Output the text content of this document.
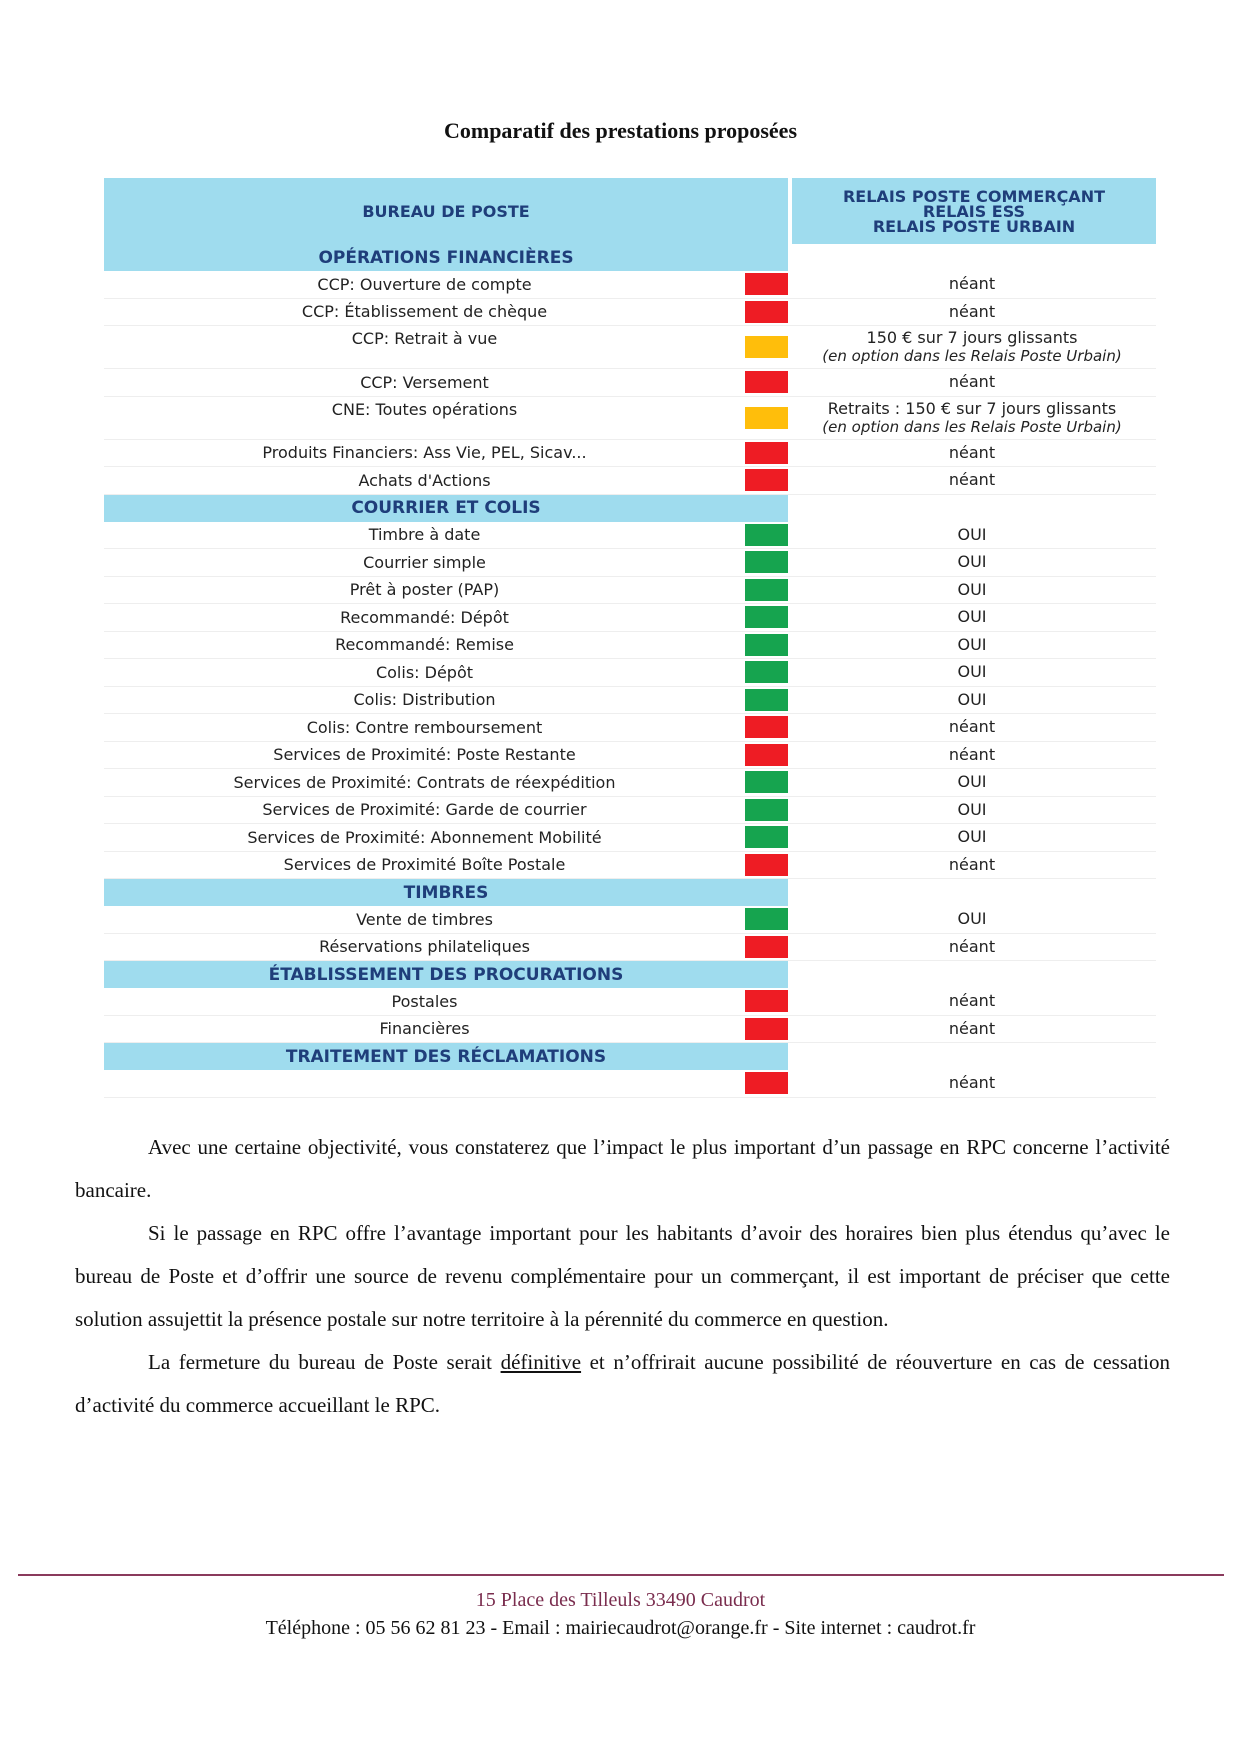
Comparatif des prestations proposées
BUREAU DE POSTE
RELAIS POSTE COMMERÇANT
RELAIS ESS
RELAIS POSTE URBAIN
OPÉRATIONS FINANCIÈRES
CCP: Ouverture de compte	néant
CCP: Établissement de chèque	néant
CCP: Retrait à vue	150 € sur 7 jours glissants
(en option dans les Relais Poste Urbain)
CCP: Versement	néant
CNE: Toutes opérations	Retraits : 150 € sur 7 jours glissants
(en option dans les Relais Poste Urbain)
Produits Financiers: Ass Vie, PEL, Sicav...	néant
Achats d'Actions	néant
COURRIER ET COLIS
Timbre à date	OUI
Courrier simple	OUI
Prêt à poster (PAP)	OUI
Recommandé: Dépôt	OUI
Recommandé: Remise	OUI
Colis: Dépôt	OUI
Colis: Distribution	OUI
Colis: Contre remboursement	néant
Services de Proximité: Poste Restante	néant
Services de Proximité: Contrats de réexpédition	OUI
Services de Proximité: Garde de courrier	OUI
Services de Proximité: Abonnement Mobilité	OUI
Services de Proximité Boîte Postale	néant
TIMBRES
Vente de timbres	OUI
Réservations philateliques	néant
ÉTABLISSEMENT DES PROCURATIONS
Postales	néant
Financières	néant
TRAITEMENT DES RÉCLAMATIONS
néant

Avec une certaine objectivité, vous constaterez que l’impact le plus important d’un passage en RPC concerne l’activité bancaire.

Si le passage en RPC offre l’avantage important pour les habitants d’avoir des horaires bien plus étendus qu’avec le bureau de Poste et d’offrir une source de revenu complémentaire pour un commerçant, il est important de préciser que cette solution assujettit la présence postale sur notre territoire à la pérennité du commerce en question.

La fermeture du bureau de Poste serait définitive et n’offrirait aucune possibilité de réouverture en cas de cessation d’activité du commerce accueillant le RPC.

15 Place des Tilleuls 33490 Caudrot
Téléphone : 05 56 62 81 23 - Email : mairiecaudrot@orange.fr - Site internet : caudrot.fr
